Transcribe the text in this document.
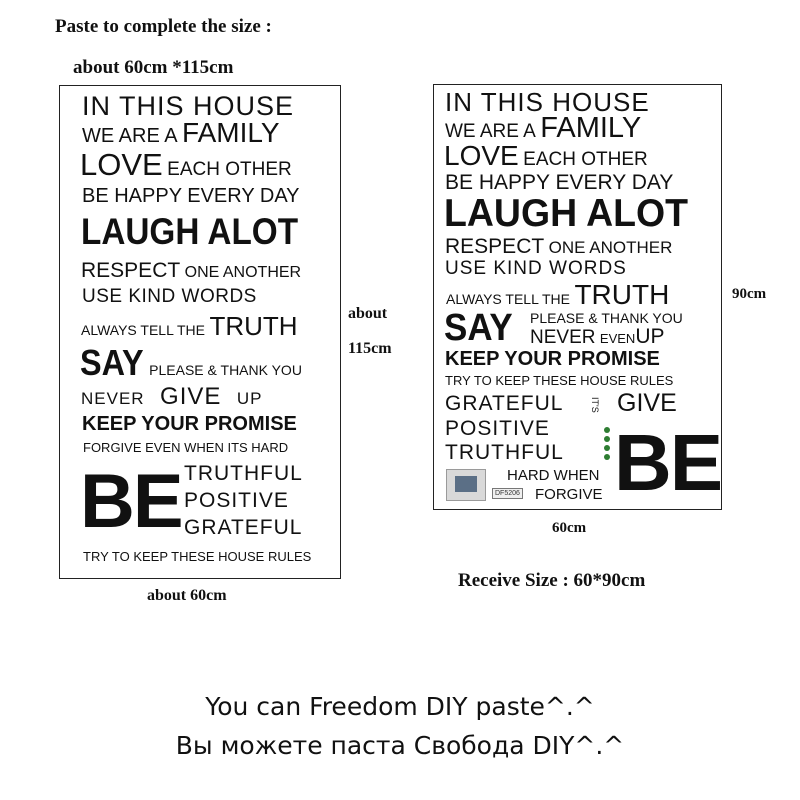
Paste to complete the size :
about 60cm *115cm
about
115cm
about 60cm
90cm
60cm
Receive Size : 60*90cm
IN THIS HOUSE
WE ARE A FAMILY
LOVE EACH OTHER
BE HAPPY EVERY DAY
LAUGH ALOT
RESPECT ONE ANOTHER
USE KIND WORDS
ALWAYS TELL THE TRUTH
SAY PLEASE & THANK YOU
NEVER GIVE UP
KEEP YOUR PROMISE
FORGIVE EVEN WHEN ITS HARD
BE TRUTHFUL
POSITIVE
GRATEFUL
TRY TO KEEP THESE HOUSE RULES
IN THIS HOUSE
WE ARE A FAMILY
LOVE EACH OTHER
BE HAPPY EVERY DAY
LAUGH ALOT
RESPECT ONE ANOTHER
USE KIND WORDS
ALWAYS TELL THE TRUTH
SAY	PLEASE & THANK YOU
NEVER EVENUP
KEEP YOUR PROMISE
TRY TO KEEP THESE HOUSE RULES
GRATEFUL	IT'S GIVE
POSITIVE
TRUTHFUL BE
DF5206
HARD WHEN
FORGIVE
You can Freedom DIY paste^.^
Вы можете паста Свобода DIY^.^
